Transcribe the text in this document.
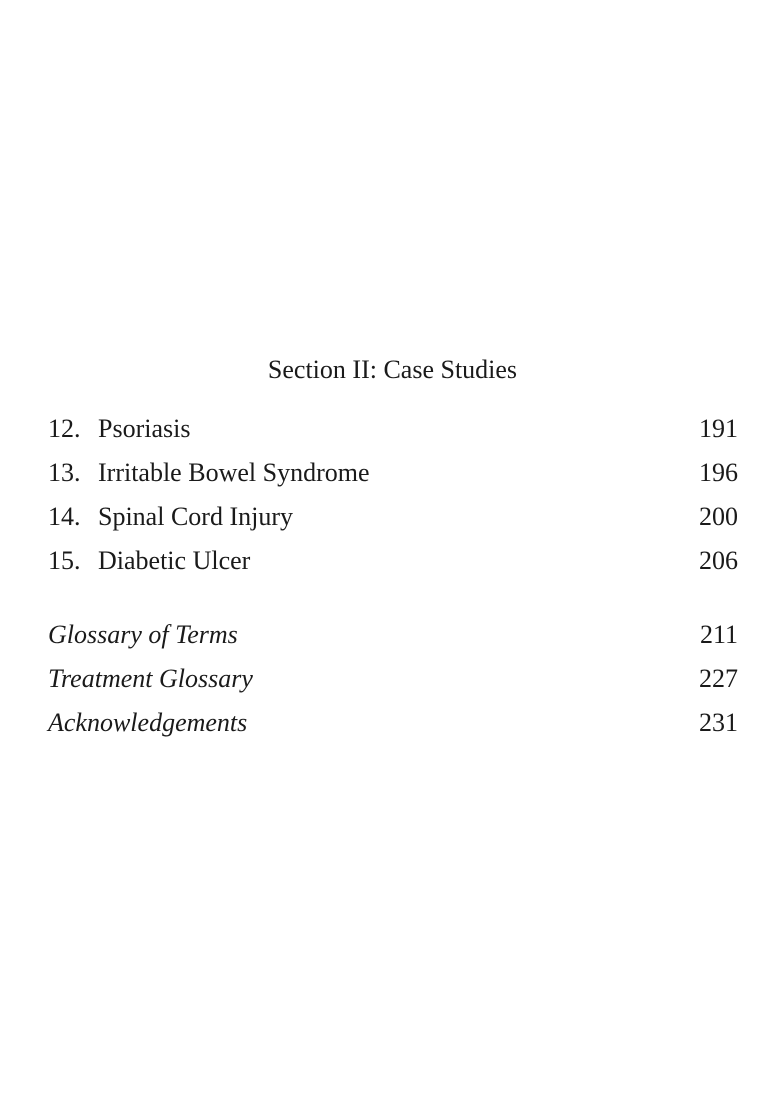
Section II: Case Studies
12. Psoriasis	191
13. Irritable Bowel Syndrome	196
14. Spinal Cord Injury	200
15. Diabetic Ulcer	206
Glossary of Terms	211
Treatment Glossary	227
Acknowledgements	231
